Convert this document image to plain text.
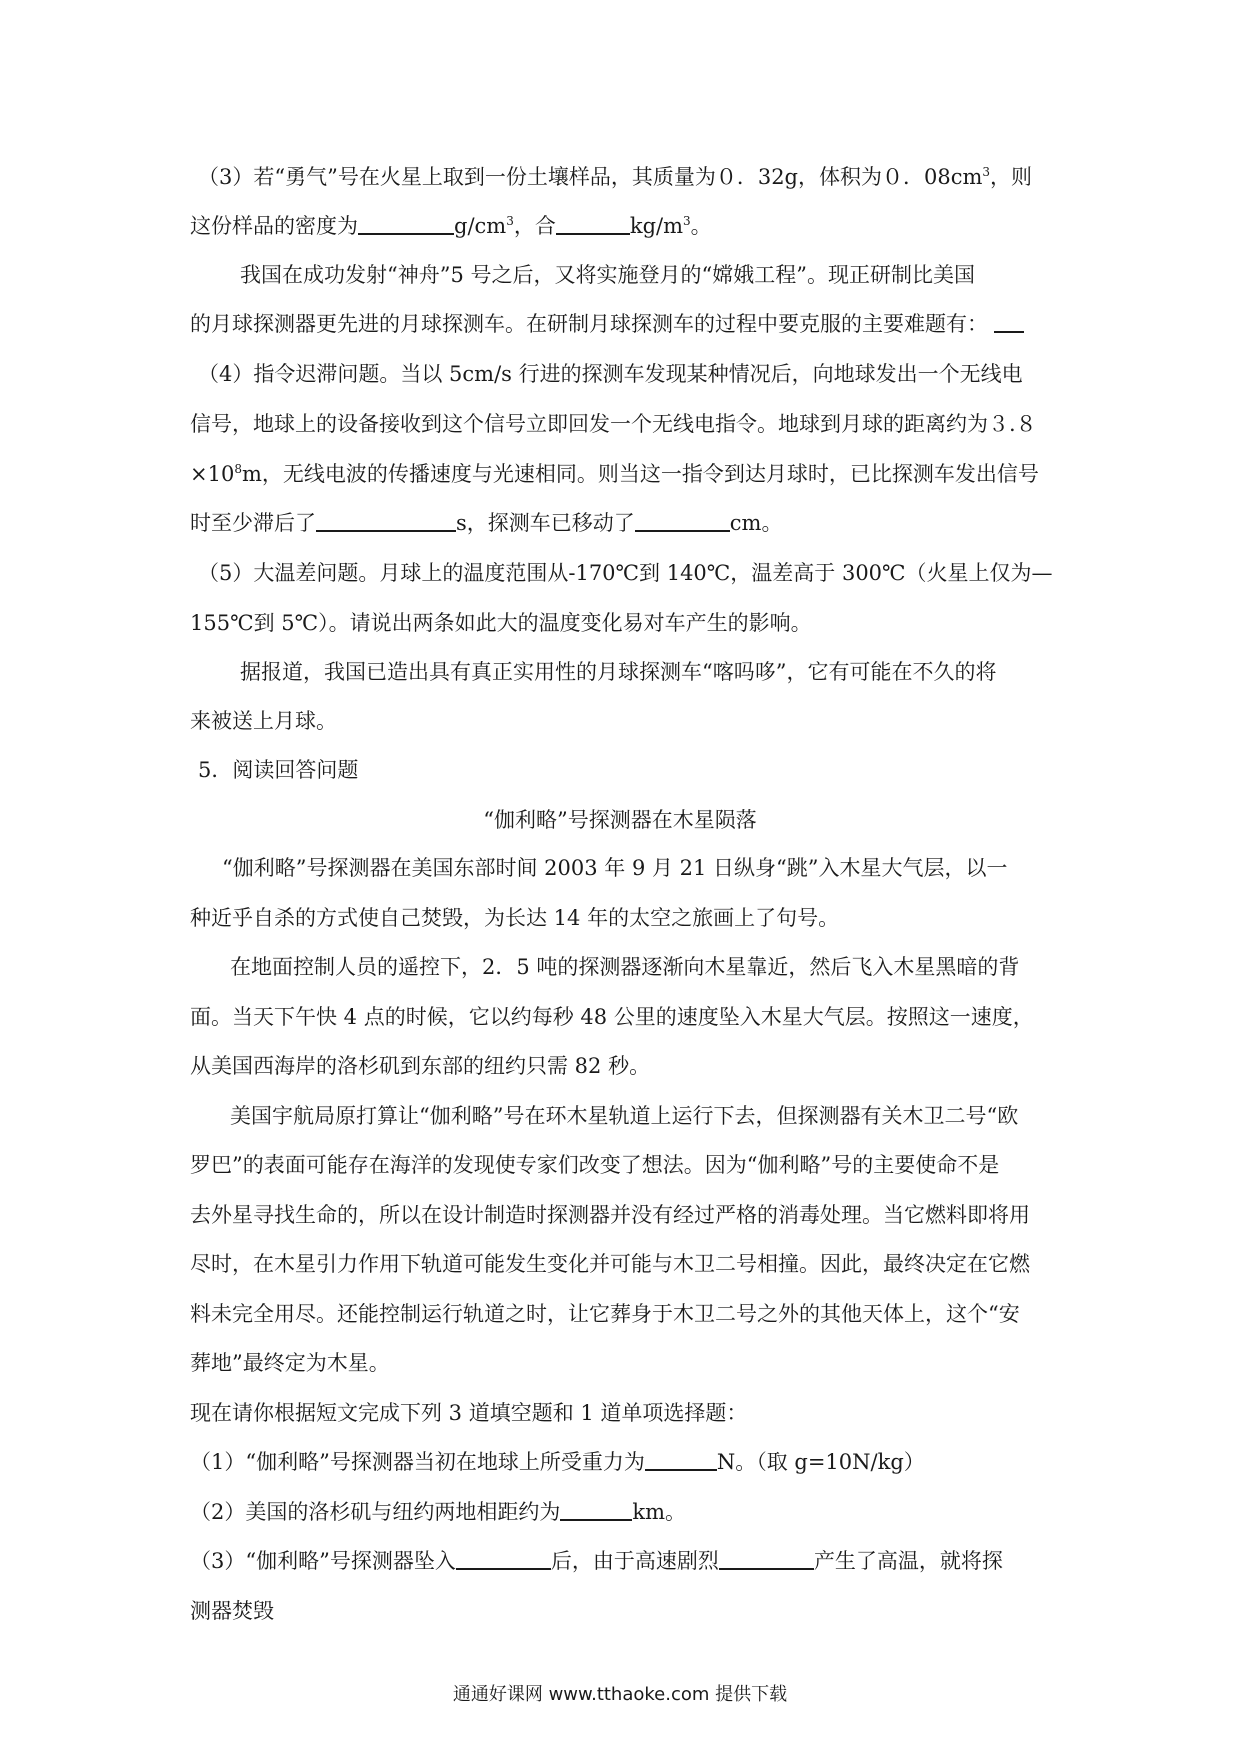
（3）若“勇气”号在火星上取到一份土壤样品，其质量为０．32g，体积为０．$08cm^3$，则
这份样品的密度为	$g/cm^3$，合	$kg/m^3$。
我国在成功发射“神舟”5 号之后，又将实施登月的“嫦娥工程”。现正研制比美国
的月球探测器更先进的月球探测车。在研制月球探测车的过程中要克服的主要难题有：
（4）指令迟滞问题。当以 5cm/s 行进的探测车发现某种情况后，向地球发出一个无线电
信号，地球上的设备接收到这个信号立即回发一个无线电指令。地球到月球的距离约为３.８
$\times 10^8m$，无线电波的传播速度与光速相同。则当这一指令到达月球时，已比探测车发出信号
时至少滞后了	s，探测车已移动了	cm。
（5）大温差问题。月球上的温度范围从-170℃到 140℃，温差高于 300℃（火星上仅为—
155℃到 5℃）。请说出两条如此大的温度变化易对车产生的影响。
据报道，我国已造出具有真正实用性的月球探测车“喀吗哆”，它有可能在不久的将
来被送上月球。
5．阅读回答问题
“伽利略”号探测器在木星陨落
“伽利略”号探测器在美国东部时间 2003 年 9 月 21 日纵身“跳”入木星大气层，以一
种近乎自杀的方式使自己焚毁，为长达 14 年的太空之旅画上了句号。
在地面控制人员的遥控下，2．5 吨的探测器逐渐向木星靠近，然后飞入木星黑暗的背
面。当天下午快 4 点的时候，它以约每秒 48 公里的速度坠入木星大气层。按照这一速度，
从美国西海岸的洛杉矶到东部的纽约只需 82 秒。
美国宇航局原打算让“伽利略”号在环木星轨道上运行下去，但探测器有关木卫二号“欧
罗巴”的表面可能存在海洋的发现使专家们改变了想法。因为“伽利略”号的主要使命不是
去外星寻找生命的，所以在设计制造时探测器并没有经过严格的消毒处理。当它燃料即将用
尽时，在木星引力作用下轨道可能发生变化并可能与木卫二号相撞。因此，最终决定在它燃
料未完全用尽。还能控制运行轨道之时，让它葬身于木卫二号之外的其他天体上，这个“安
葬地”最终定为木星。
现在请你根据短文完成下列 3 道填空题和 1 道单项选择题：
（1）“伽利略”号探测器当初在地球上所受重力为	N。（取 g=10N/kg）
（2）美国的洛杉矶与纽约两地相距约为	km。
（3）“伽利略”号探测器坠入	后，由于高速剧烈	产生了高温，就将探
测器焚毁
通通好课网 www.tthaoke.com 提供下载
